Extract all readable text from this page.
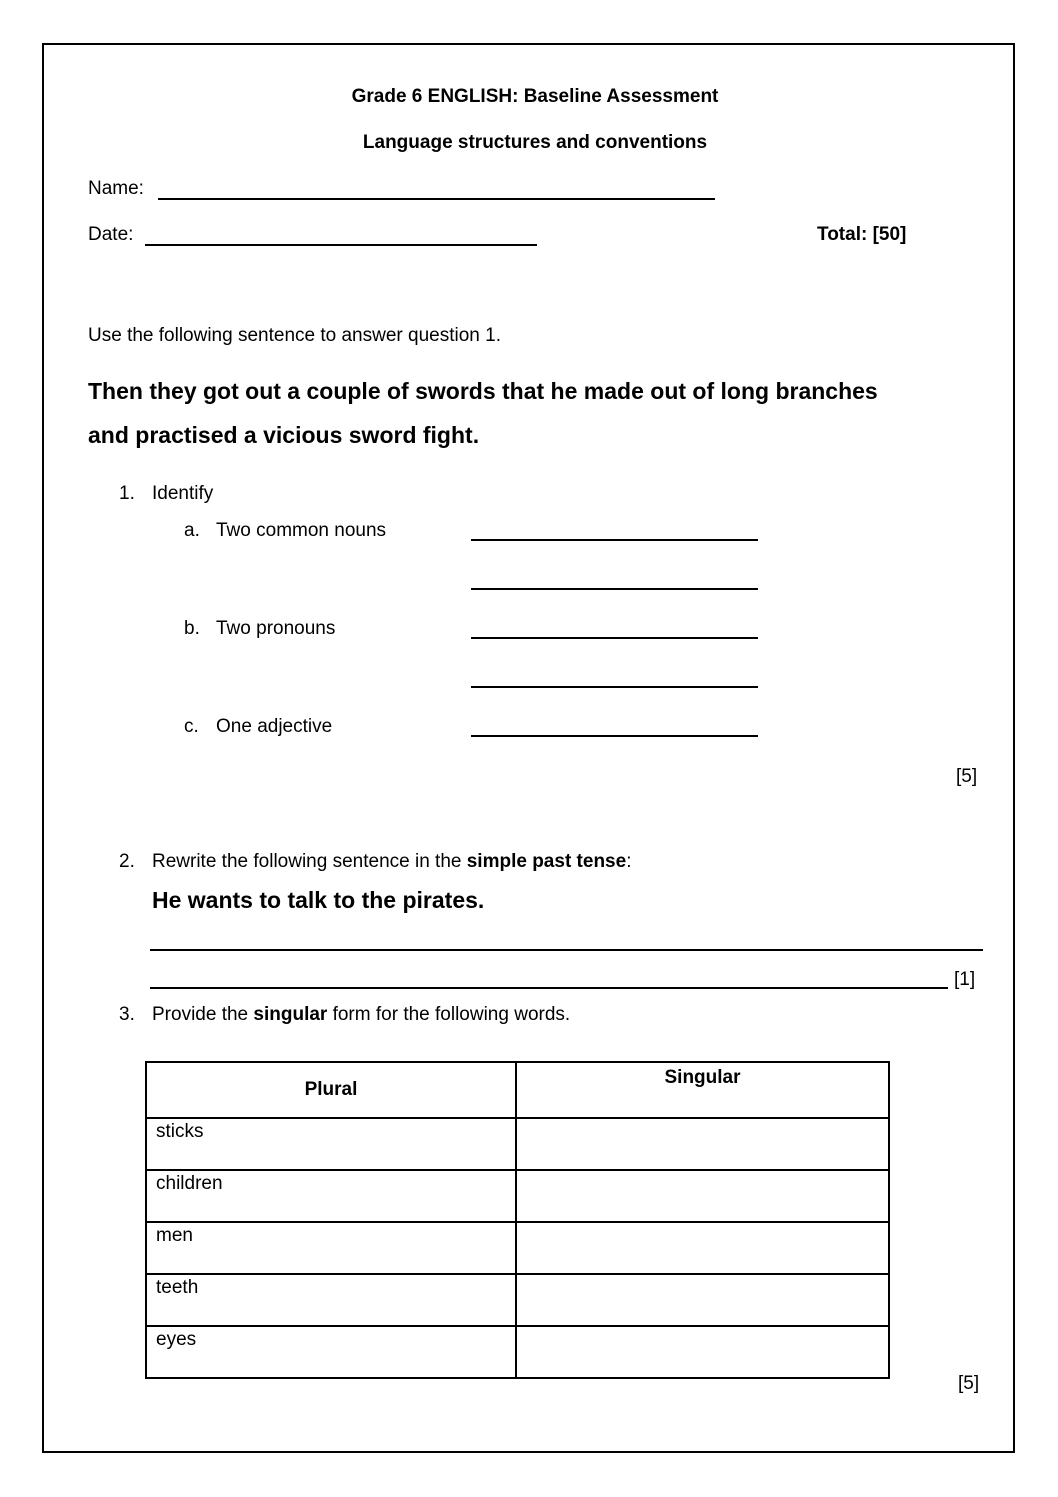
Grade 6 ENGLISH: Baseline Assessment
Language structures and conventions
Name:
Date:	Total: [50]
Use the following sentence to answer question 1.
Then they got out a couple of swords that he made out of long branches
and practised a vicious sword fight.
1. Identify
a. Two common nouns
b. Two pronouns
c. One adjective
[5]
2. Rewrite the following sentence in the simple past tense:
He wants to talk to the pirates.
[1]
3. Provide the singular form for the following words.
Plural	Singular
sticks	
children	
men	
teeth	
eyes	
[5]
